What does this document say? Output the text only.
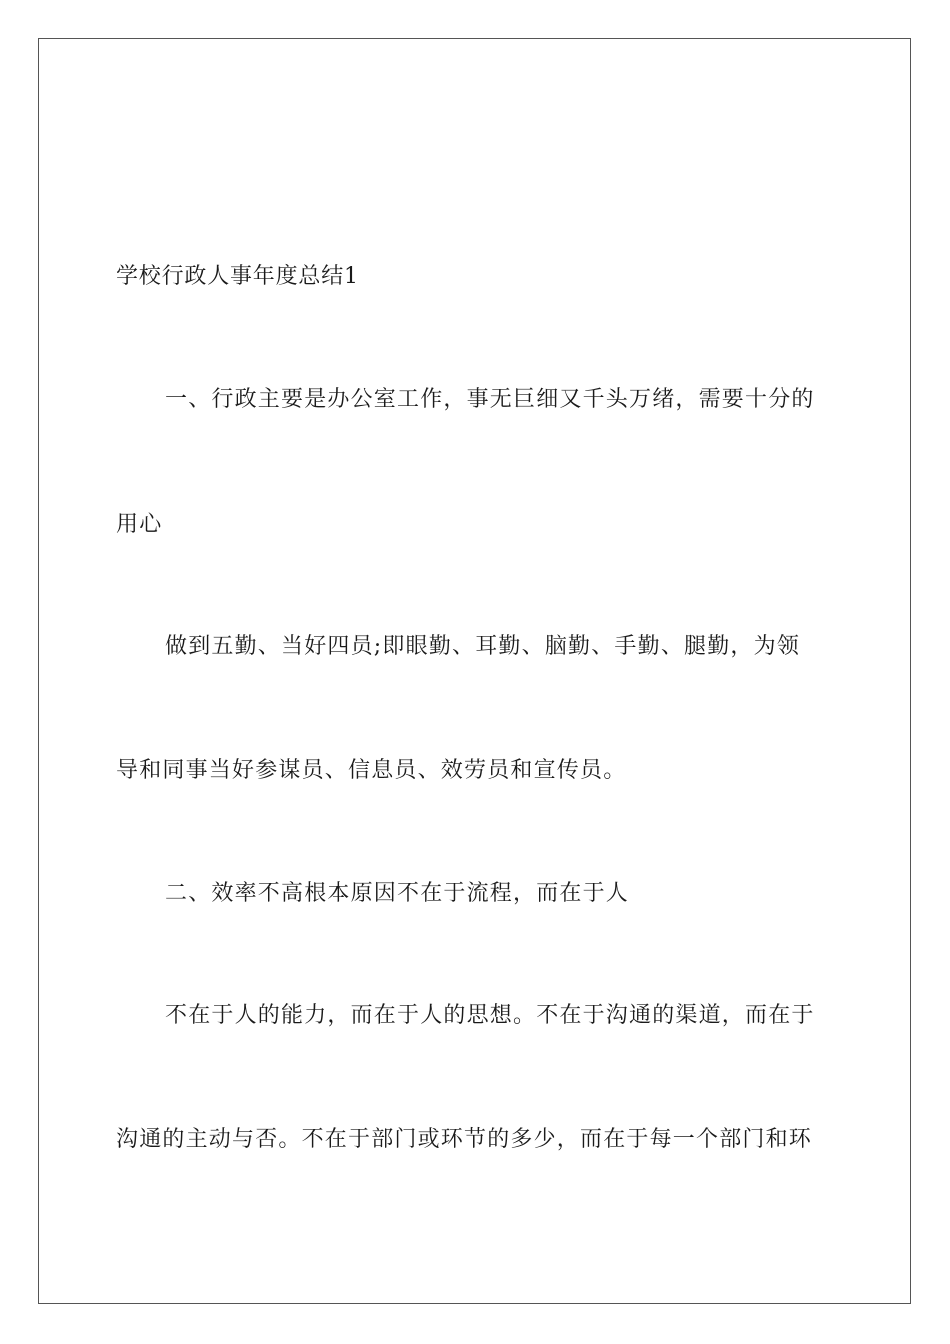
学校行政人事年度总结1

一、行政主要是办公室工作，事无巨细又千头万绪，需要十分的

用心

做到五勤、当好四员;即眼勤、耳勤、脑勤、手勤、腿勤，为领

导和同事当好参谋员、信息员、效劳员和宣传员。

二、效率不高根本原因不在于流程，而在于人

不在于人的能力，而在于人的思想。不在于沟通的渠道，而在于

沟通的主动与否。不在于部门或环节的多少，而在于每一个部门和环
